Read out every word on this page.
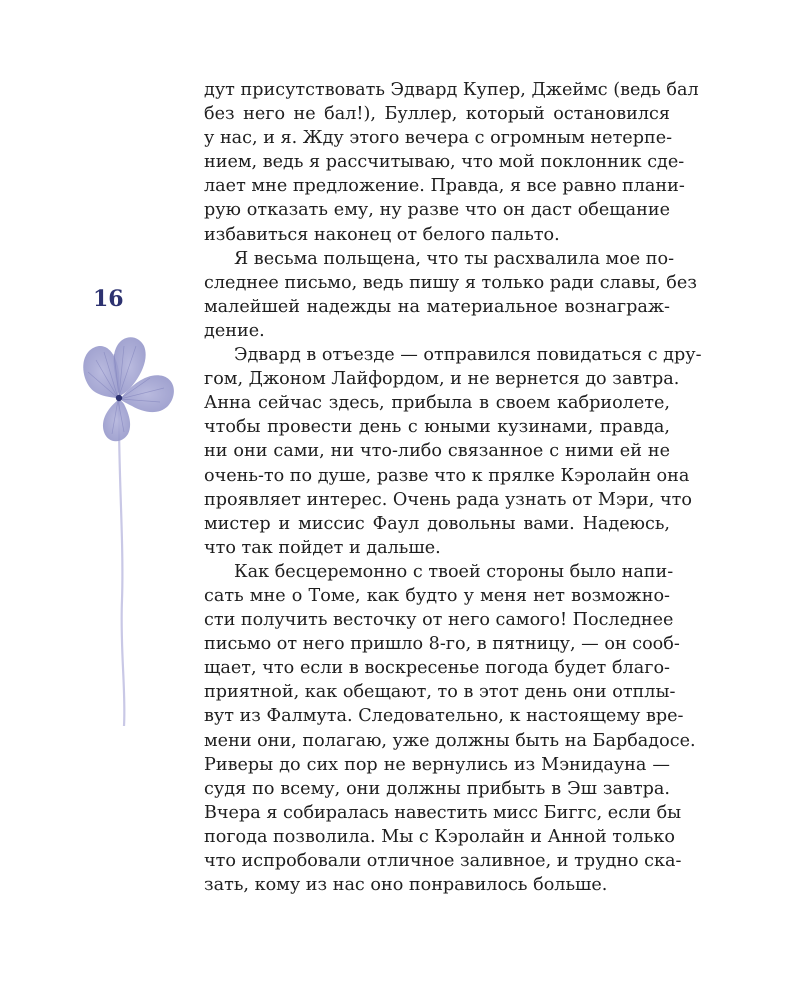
16
дут присутствовать Эдвард Купер, Джеймс (ведь бал
без него не бал!), Буллер, который остановился
у нас, и я. Жду этого вечера с огромным нетерпе-
нием, ведь я рассчитываю, что мой поклонник сде-
лает мне предложение. Правда, я все равно плани-
рую отказать ему, ну разве что он даст обещание
избавиться наконец от белого пальто.
Я весьма польщена, что ты расхвалила мое по-
следнее письмо, ведь пишу я только ради славы, без
малейшей надежды на материальное вознаграж-
дение.
Эдвард в отъезде — отправился повидаться с дру-
гом, Джоном Лайфордом, и не вернется до завтра.
Анна сейчас здесь, прибыла в своем кабриолете,
чтобы провести день с юными кузинами, правда,
ни они сами, ни что-либо связанное с ними ей не
очень-то по душе, разве что к прялке Кэролайн она
проявляет интерес. Очень рада узнать от Мэри, что
мистер и миссис Фаул довольны вами. Надеюсь,
что так пойдет и дальше.
Как бесцеремонно с твоей стороны было напи-
сать мне о Томе, как будто у меня нет возможно-
сти получить весточку от него самого! Последнее
письмо от него пришло 8-го, в пятницу, — он сооб-
щает, что если в воскресенье погода будет благо-
приятной, как обещают, то в этот день они отплы-
вут из Фалмута. Следовательно, к настоящему вре-
мени они, полагаю, уже должны быть на Барбадосе.
Риверы до сих пор не вернулись из Мэнидауна —
судя по всему, они должны прибыть в Эш завтра.
Вчера я собиралась навестить мисс Биггс, если бы
погода позволила. Мы с Кэролайн и Анной только
что испробовали отличное заливное, и трудно ска-
зать, кому из нас оно понравилось больше.
